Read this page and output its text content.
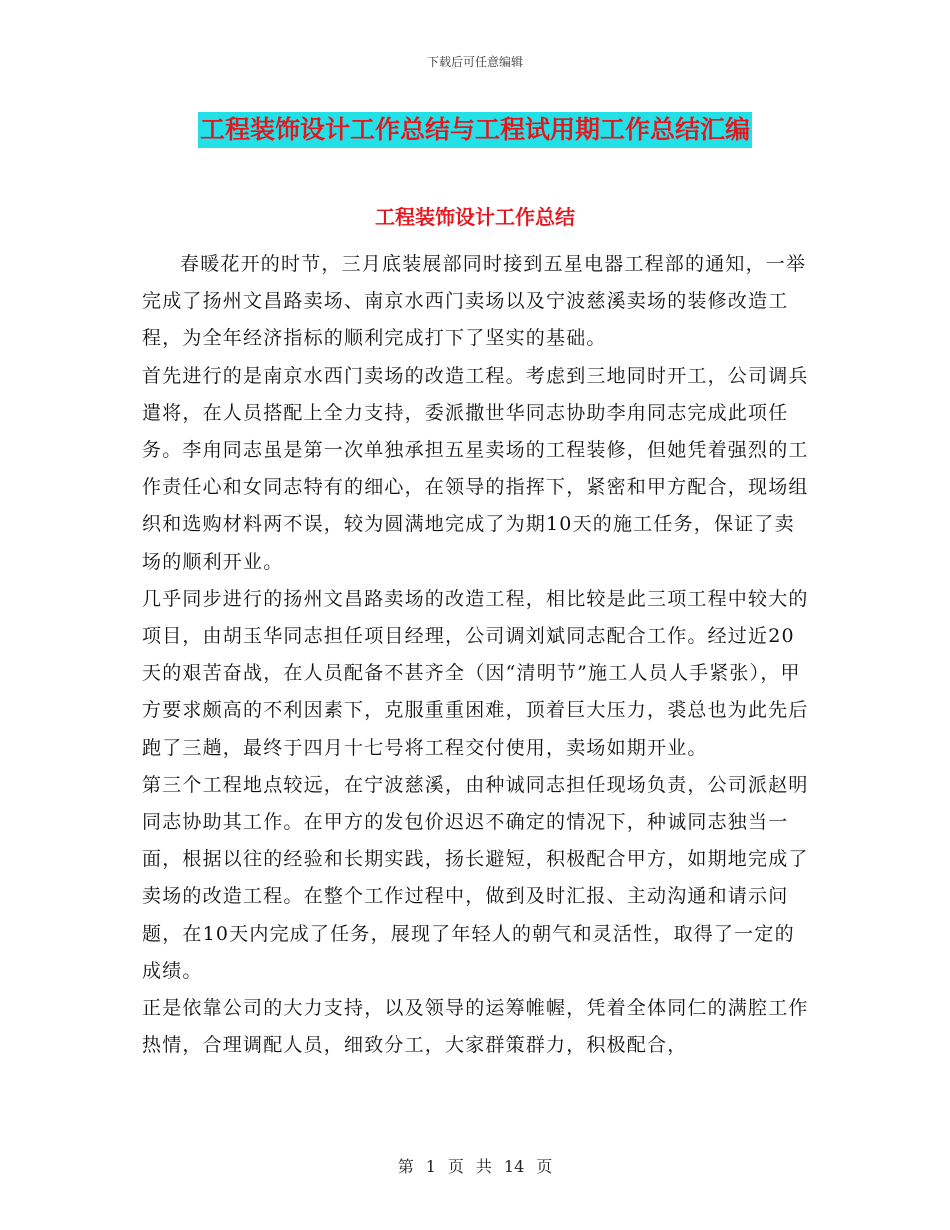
下载后可任意编辑
工程装饰设计工作总结与工程试用期工作总结汇编
工程装饰设计工作总结

春暖花开的时节，三月底装展部同时接到五星电器工程部的通知，一举完成了扬州文昌路卖场、南京水西门卖场以及宁波慈溪卖场的装修改造工程，为全年经济指标的顺利完成打下了坚实的基础。

首先进行的是南京水西门卖场的改造工程。考虑到三地同时开工，公司调兵遣将，在人员搭配上全力支持，委派撒世华同志协助李甪同志完成此项任务。李甪同志虽是第一次单独承担五星卖场的工程装修，但她凭着强烈的工作责任心和女同志特有的细心，在领导的指挥下，紧密和甲方配合，现场组织和选购材料两不误，较为圆满地完成了为期10天的施工任务，保证了卖场的顺利开业。

几乎同步进行的扬州文昌路卖场的改造工程，相比较是此三项工程中较大的项目，由胡玉华同志担任项目经理，公司调刘斌同志配合工作。经过近20天的艰苦奋战，在人员配备不甚齐全（因“清明节”施工人员人手紧张），甲方要求颇高的不利因素下，克服重重困难，顶着巨大压力，裘总也为此先后跑了三趟，最终于四月十七号将工程交付使用，卖场如期开业。

第三个工程地点较远，在宁波慈溪，由种诚同志担任现场负责，公司派赵明同志协助其工作。在甲方的发包价迟迟不确定的情况下，种诚同志独当一面，根据以往的经验和长期实践，扬长避短，积极配合甲方，如期地完成了卖场的改造工程。在整个工作过程中，做到及时汇报、主动沟通和请示问题，在10天内完成了任务，展现了年轻人的朝气和灵活性，取得了一定的成绩。

正是依靠公司的大力支持，以及领导的运筹帷幄，凭着全体同仁的满腔工作热情，合理调配人员，细致分工，大家群策群力，积极配合，

第 1 页 共 14 页
